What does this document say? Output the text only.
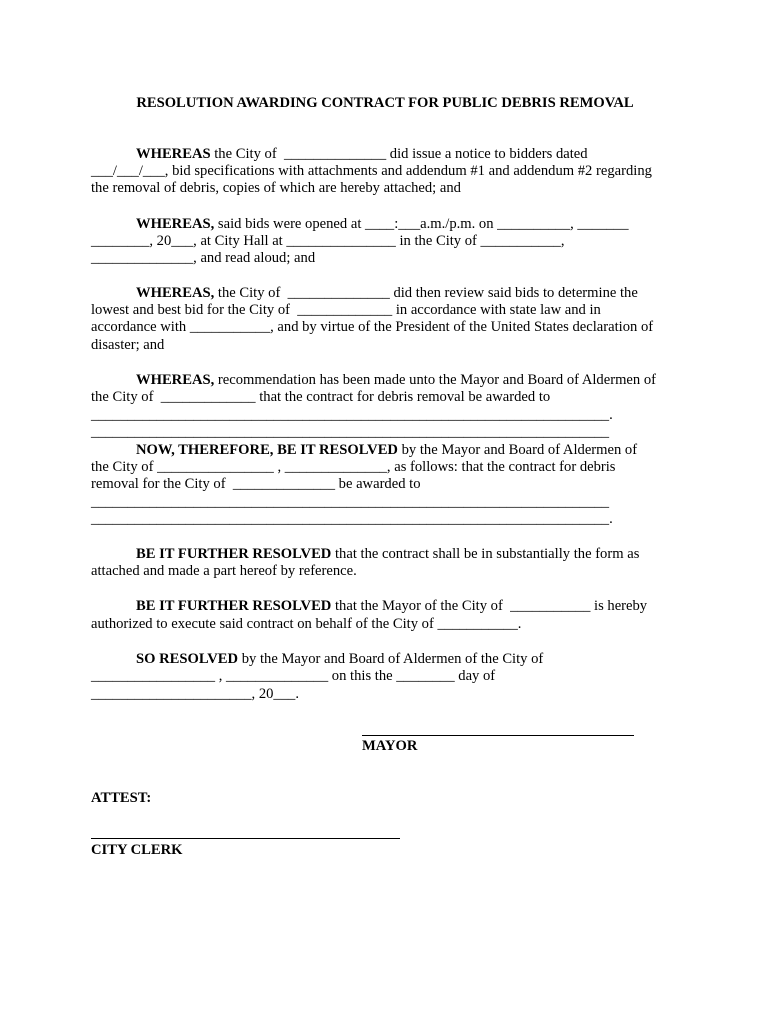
RESOLUTION AWARDING CONTRACT FOR PUBLIC DEBRIS REMOVAL
WHEREAS the City of  ______________ did issue a notice to bidders dated
___/___/___, bid specifications with attachments and addendum #1 and addendum #2 regarding
the removal of debris, copies of which are hereby attached; and
WHEREAS, said bids were opened at ____:___a.m./p.m. on __________, _______
________, 20___, at City Hall at _______________ in the City of ___________,
______________, and read aloud; and
WHEREAS, the City of  ______________ did then review said bids to determine the
lowest and best bid for the City of  _____________ in accordance with state law and in
accordance with ___________, and by virtue of the President of the United States declaration of
disaster; and
WHEREAS, recommendation has been made unto the Mayor and Board of Aldermen of
the City of  _____________ that the contract for debris removal be awarded to
_______________________________________________________________________.
_______________________________________________________________________
NOW, THEREFORE, BE IT RESOLVED by the Mayor and Board of Aldermen of
the City of ________________ , ______________, as follows: that the contract for debris
removal for the City of  ______________ be awarded to
_______________________________________________________________________
_______________________________________________________________________.
BE IT FURTHER RESOLVED that the contract shall be in substantially the form as
attached and made a part hereof by reference.
BE IT FURTHER RESOLVED that the Mayor of the City of  ___________ is hereby
authorized to execute said contract on behalf of the City of ___________.
SO RESOLVED by the Mayor and Board of Aldermen of the City of
_________________ , ______________ on this the ________ day of
______________________, 20___.
MAYOR
ATTEST:
CITY CLERK
